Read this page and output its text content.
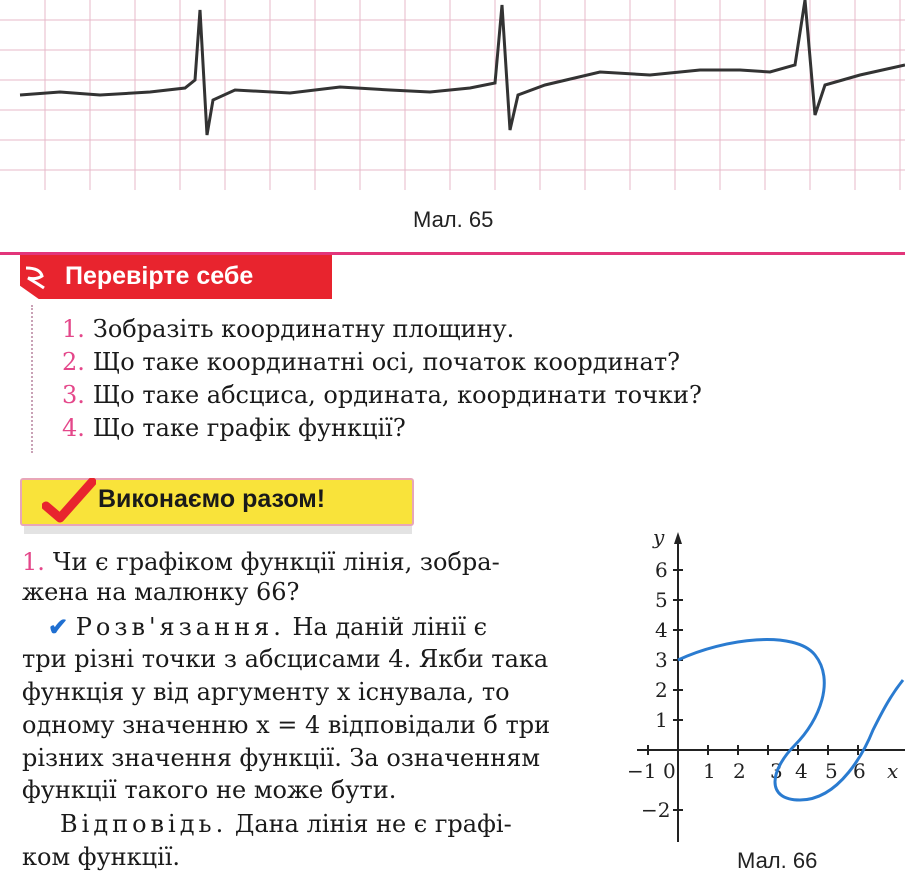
Мал. 65
Перевірте себе
1. Зобразіть координатну площину.
2. Що таке координатні осі, початок координат?
3. Що таке абсциса, ордината, координати точки?
4. Що таке графік функції?
Виконаємо разом!
1. Чи є графіком функції лінія, зобра-
жена на малюнку 66?
✔ Розв'язання. На даній лінії є
три різні точки з абсцисами 4. Якби така
функція y від аргументу x існувала, то
одному значенню x = 4 відповідали б три
різних значення функції. За означенням
функції такого не може бути.
Відповідь. Дана лінія не є графі-
ком функції.
y
6
5
4
3
2
1
−2
−1 0 1 2 3 4 5 6 x
Мал. 66
